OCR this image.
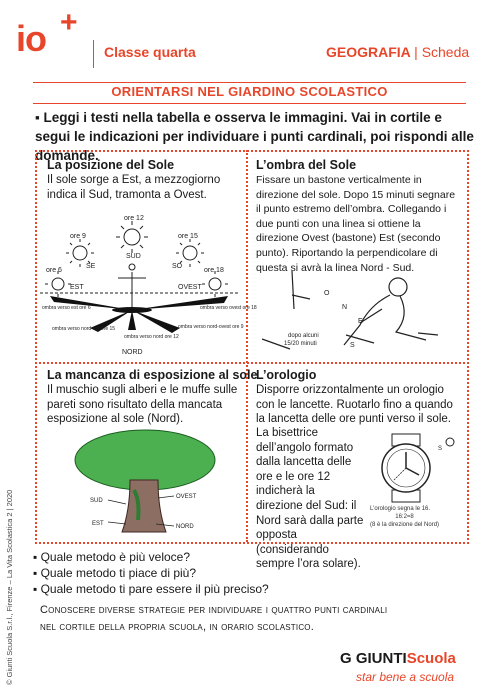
io +
Classe quarta	GEOGRAFIA | Scheda
ORIENTARSI NEL GIARDINO SCOLASTICO
▪ Leggi i testi nella tabella e osserva le immagini. Vai in cortile e segui le indicazioni per individuare i punti cardinali, poi rispondi alle domande.
La posizione del Sole
Il sole sorge a Est, a mezzogiorno indica il Sud, tramonta a Ovest.
ore 9
ore 12
ore 15
ore 6	ore 18
SE
SUD
SO
EST	OVEST
ombra verso ovest ore 18
ombra verso est ore 6
ombra verso nord-est ore 15	ombra verso nord-ovest ore 9
ombra verso nord ore 12
NORD
L’ombra del Sole
Fissare un bastone verticalmente in direzione del sole. Dopo 15 minuti segnare il punto estremo dell’ombra. Collegando i due punti con una linea si ottiene la direzione Ovest (bastone) Est (secondo punto). Riportando la perpendicolare di questa si avrà la linea Nord - Sud.
O
N
E
S
dopo alcuni
15/20 minuti
La mancanza di esposizione al sole
Il muschio sugli alberi e le muffe sulle pareti sono risultato della mancata esposizione al sole (Nord).
SUD
OVEST
EST	NORD
L’orologio
Disporre orizzontalmente un orologio con le lancette. Ruotarlo fino a quando la lancetta delle ore punti verso il sole.
La bisettrice dell’angolo formato dalla lancetta delle ore e le ore 12 indicherà la direzione del Sud: il Nord sarà dalla parte opposta (considerando sempre l’ora solare).
S
L’orologio segna le 16.
16:2=8
(8 è la direzione del Nord)
▪ Quale metodo è più veloce?
▪ Quale metodo ti piace di più?
▪ Quale metodo ti pare essere il più preciso?
Conoscere diverse strategie per individuare i quattro punti cardinali
nel cortile della propria scuola, in orario scolastico.
© Giunti Scuola S.r.l., Firenze – La Vita Scolastica 2 | 2020	G GIUNTIScuola
star bene a scuola
